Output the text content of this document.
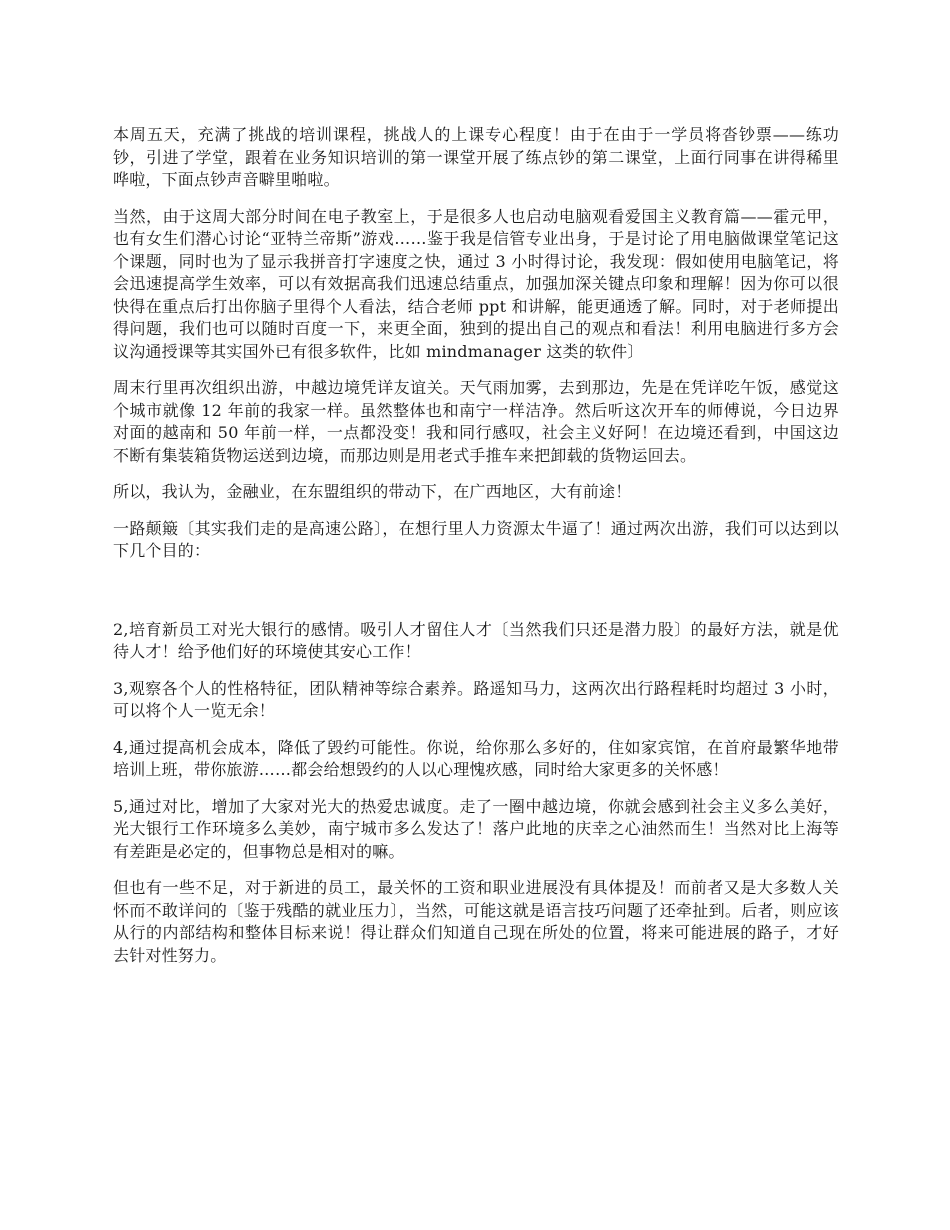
本周五天，充满了挑战的培训课程，挑战人的上课专心程度！由于在由于一学员将沓钞票——练功钞，引进了学堂，跟着在业务知识培训的第一课堂开展了练点钞的第二课堂，上面行同事在讲得稀里哗啦，下面点钞声音噼里啪啦。

当然，由于这周大部分时间在电子教室上，于是很多人也启动电脑观看爱国主义教育篇——霍元甲，也有女生们潜心讨论“亚特兰帝斯”游戏……鉴于我是信管专业出身，于是讨论了用电脑做课堂笔记这个课题，同时也为了显示我拼音打字速度之快，通过 3 小时得讨论，我发现：假如使用电脑笔记，将会迅速提高学生效率，可以有效据高我们迅速总结重点，加强加深关键点印象和理解！因为你可以很快得在重点后打出你脑子里得个人看法，结合老师 ppt 和讲解，能更通透了解。同时，对于老师提出得问题，我们也可以随时百度一下，来更全面，独到的提出自己的观点和看法！利用电脑进行多方会议沟通授课等其实国外已有很多软件，比如 mindmanager 这类的软件〕

周末行里再次组织出游，中越边境凭详友谊关。天气雨加雾，去到那边，先是在凭详吃午饭，感觉这个城市就像 12 年前的我家一样。虽然整体也和南宁一样洁净。然后听这次开车的师傅说，今日边界对面的越南和 50 年前一样，一点都没变！我和同行感叹，社会主义好阿！在边境还看到，中国这边不断有集装箱货物运送到边境，而那边则是用老式手推车来把卸载的货物运回去。

所以，我认为，金融业，在东盟组织的带动下，在广西地区，大有前途！

一路颠簸〔其实我们走的是高速公路〕，在想行里人力资源太牛逼了！通过两次出游，我们可以达到以下几个目的：

2,培育新员工对光大银行的感情。吸引人才留住人才〔当然我们只还是潜力股〕的最好方法，就是优待人才！给予他们好的环境使其安心工作！

3,观察各个人的性格特征，团队精神等综合素养。路遥知马力，这两次出行路程耗时均超过 3 小时，可以将个人一览无余！

4,通过提高机会成本，降低了毁约可能性。你说，给你那么多好的，住如家宾馆，在首府最繁华地带培训上班，带你旅游……都会给想毁约的人以心理愧疚感，同时给大家更多的关怀感！

5,通过对比，增加了大家对光大的热爱忠诚度。走了一圈中越边境，你就会感到社会主义多么美好，光大银行工作环境多么美妙，南宁城市多么发达了！落户此地的庆幸之心油然而生！当然对比上海等有差距是必定的，但事物总是相对的嘛。

但也有一些不足，对于新进的员工，最关怀的工资和职业进展没有具体提及！而前者又是大多数人关怀而不敢详问的〔鉴于残酷的就业压力〕，当然，可能这就是语言技巧问题了还牵扯到。后者，则应该从行的内部结构和整体目标来说！得让群众们知道自己现在所处的位置，将来可能进展的路子，才好去针对性努力。
